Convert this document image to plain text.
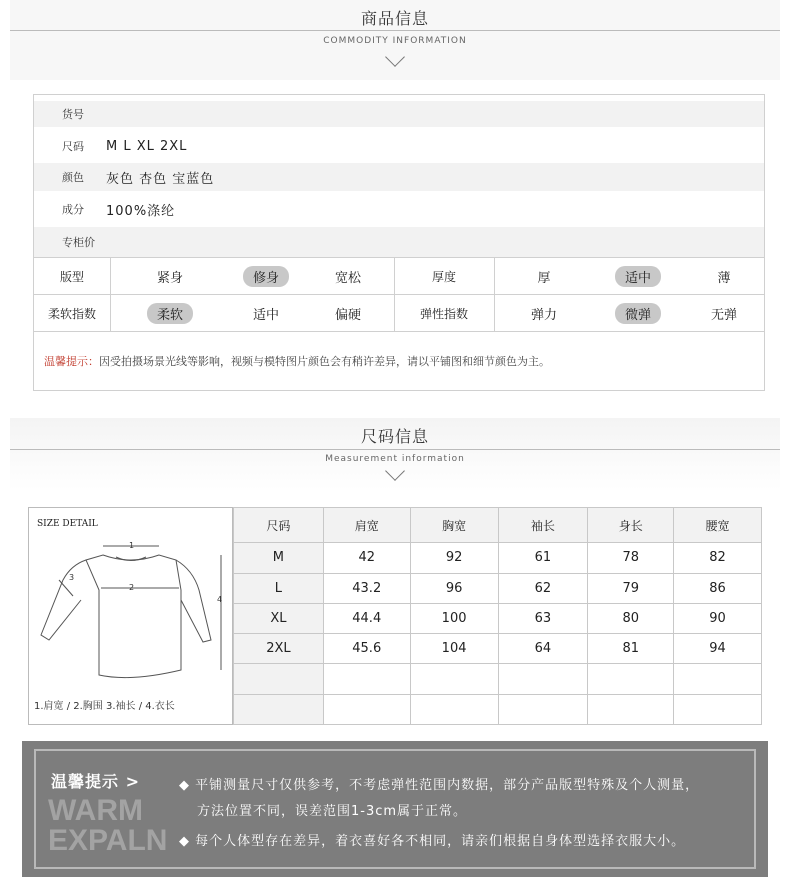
商品信息
COMMODITY INFORMATION
货号
尺码	M L XL 2XL
颜色	灰色 杏色 宝蓝色
成分	100%涤纶
专柜价
版型	紧身	修身	宽松	厚度	厚	适中	薄
柔软指数	柔软	适中	偏硬	弹性指数	弹力	微弹	无弹
温馨提示：因受拍摄场景光线等影响，视频与模特图片颜色会有稍许差异，请以平铺图和细节颜色为主。
尺码信息
Measurement information
SIZE DETAIL
1
2
3
4
1.肩宽 / 2.胸围 3.袖长 / 4.衣长
尺码	肩宽	胸宽	袖长	身长	腰宽
M	42	92	61	78	82
L	43.2	96	62	79	86
XL	44.4	100	63	80	90
2XL	45.6	104	64	81	94

温馨提示 >
WARM
EXPALN
◆ 平铺测量尺寸仅供参考，不考虑弹性范围内数据，部分产品版型特殊及个人测量，
方法位置不同，误差范围1-3cm属于正常。
◆ 每个人体型存在差异，着衣喜好各不相同，请亲们根据自身体型选择衣服大小。
